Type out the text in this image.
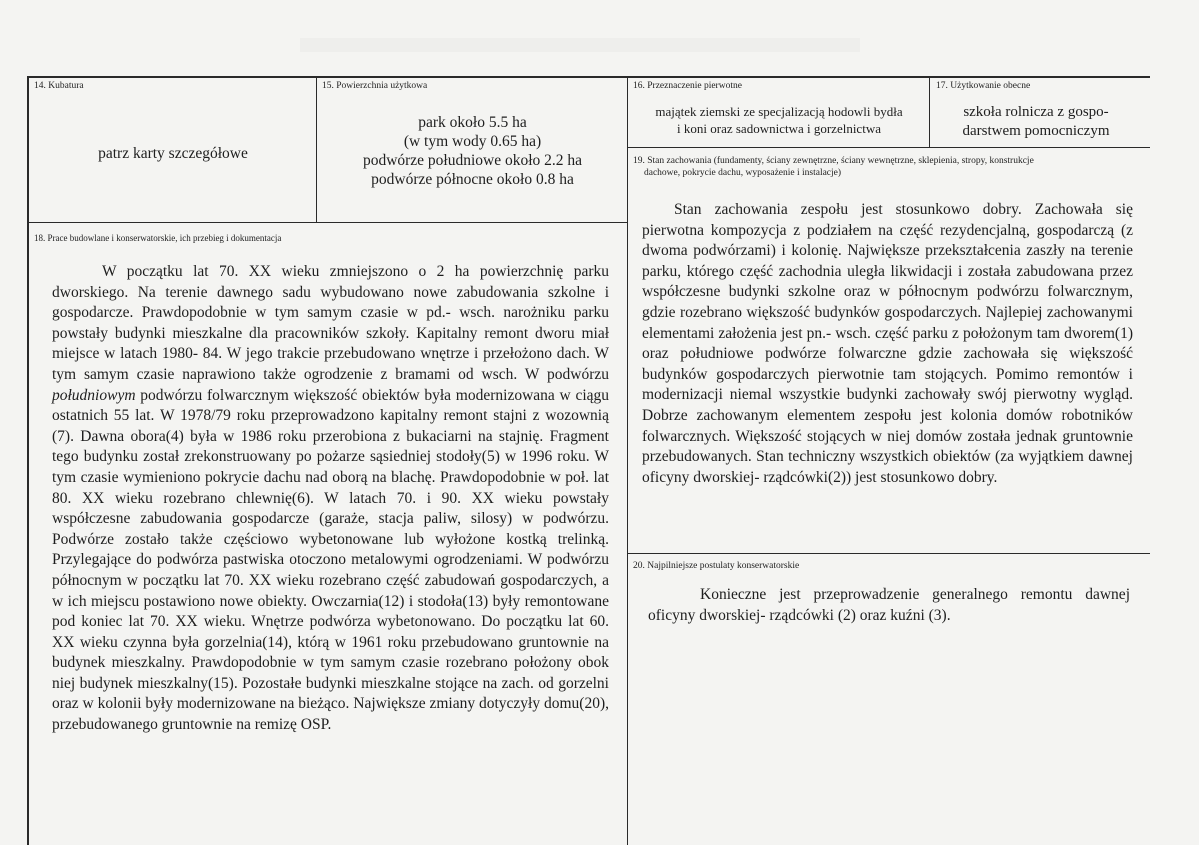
14. Kubatura
patrz karty szczegółowe
15. Powierzchnia użytkowa
park około 5.5 ha
(w tym wody 0.65 ha)
podwórze południowe około 2.2 ha
podwórze północne około 0.8 ha
16. Przeznaczenie pierwotne
majątek ziemski ze specjalizacją hodowli bydła
i koni oraz sadownictwa i gorzelnictwa
17. Użytkowanie obecne
szkoła rolnicza z gospo-
darstwem pomocniczym
19. Stan zachowania (fundamenty, ściany zewnętrzne, ściany wewnętrzne, sklepienia, stropy, konstrukcje
dachowe, pokrycie dachu, wyposażenie i instalacje)
Stan zachowania zespołu jest stosunkowo dobry. Zachowała się pierwotna kompozycja z podziałem na część rezydencjalną, gospodarczą (z dwoma podwórzami) i kolonię. Największe przekształcenia zaszły na terenie parku, którego część zachodnia uległa likwidacji i została zabudowana przez współczesne budynki szkolne oraz w północnym podwórzu folwarcznym, gdzie rozebrano większość budynków gospodarczych. Najlepiej zachowanymi elementami założenia jest pn.- wsch. część parku z położonym tam dworem(1) oraz południowe podwórze folwarczne gdzie zachowała się większość budynków gospodarczych pierwotnie tam stojących. Pomimo remontów i modernizacji niemal wszystkie budynki zachowały swój pierwotny wygląd. Dobrze zachowanym elementem zespołu jest kolonia domów robotników folwarcznych. Większość stojących w niej domów została jednak gruntownie przebudowanych. Stan techniczny wszystkich obiektów (za wyjątkiem dawnej oficyny dworskiej- rządcówki(2)) jest stosunkowo dobry.
18. Prace budowlane i konserwatorskie, ich przebieg i dokumentacja

W początku lat 70. XX wieku zmniejszono o 2 ha powierzchnię parku dworskiego. Na terenie dawnego sadu wybudowano nowe zabudowania szkolne i gospodarcze. Prawdopodobnie w tym samym czasie w pd.- wsch. narożniku parku powstały budynki mieszkalne dla pracowników szkoły. Kapitalny remont dworu miał miejsce w latach 1980- 84. W jego trakcie przebudowano wnętrze i przełożono dach. W tym samym czasie naprawiono także ogrodzenie z bramami od wsch. W podwórzu południowym podwórzu folwarcznym większość obiektów była modernizowana w ciągu ostatnich 55 lat. W 1978/79 roku przeprowadzono kapitalny remont stajni z wozownią (7). Dawna obora(4) była w 1986 roku przerobiona z bukaciarni na stajnię. Fragment tego budynku został zrekonstruowany po pożarze sąsiedniej stodoły(5) w 1996 roku. W tym czasie wymieniono pokrycie dachu nad oborą na blachę. Prawdopodobnie w poł. lat 80. XX wieku rozebrano chlewnię(6). W latach 70. i 90. XX wieku powstały współczesne zabudowania gospodarcze (garaże, stacja paliw, silosy) w podwórzu. Podwórze zostało także częściowo wybetonowane lub wyłożone kostką trelinką. Przylegające do podwórza pastwiska otoczono metalowymi ogrodzeniami. W podwórzu północnym w początku lat 70. XX wieku rozebrano część zabudowań gospodarczych, a w ich miejscu postawiono nowe obiekty. Owczarnia(12) i stodoła(13) były remontowane pod koniec lat 70. XX wieku. Wnętrze podwórza wybetonowano. Do początku lat 60. XX wieku czynna była gorzelnia(14), którą w 1961 roku przebudowano gruntownie na budynek mieszkalny. Prawdopodobnie w tym samym czasie rozebrano położony obok niej budynek mieszkalny(15). Pozostałe budynki mieszkalne stojące na zach. od gorzelni oraz w kolonii były modernizowane na bieżąco. Największe zmiany dotyczyły domu(20), przebudowanego gruntownie na remizę OSP.

20. Najpilniejsze postulaty konserwatorskie
Konieczne jest przeprowadzenie generalnego remontu dawnej oficyny dworskiej- rządcówki (2) oraz kuźni (3).
